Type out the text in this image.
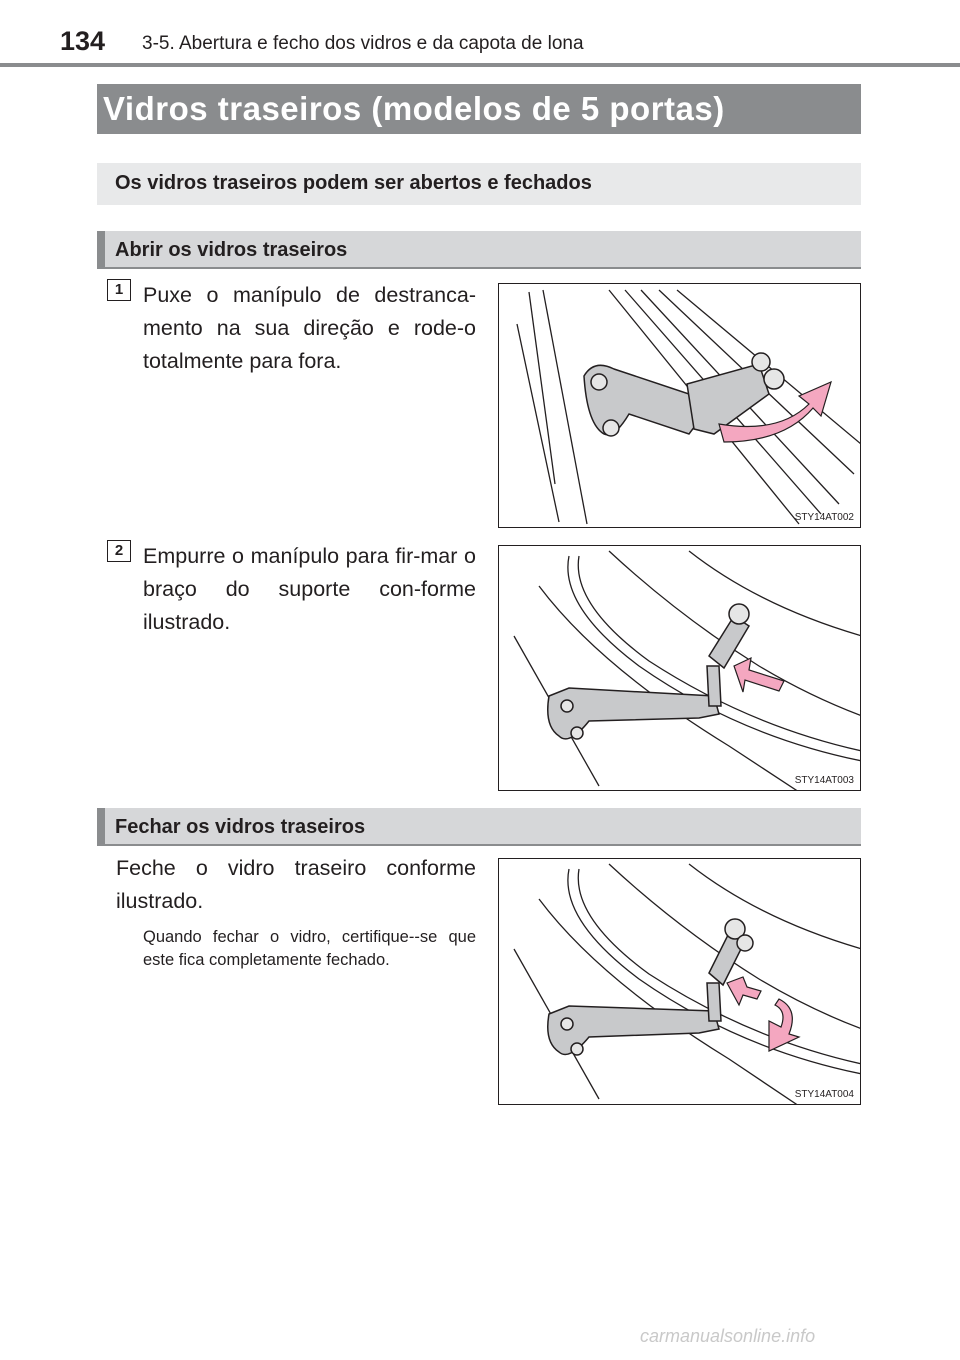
134 3-5. Abertura e fecho dos vidros e da capota de lona
Vidros traseiros (modelos de 5 portas)
Os vidros traseiros podem ser abertos e fechados
Abrir os vidros traseiros
1 Puxe o manípulo de destranca-mento na sua direção e rode-o totalmente para fora.
STY14AT002
2 Empurre o manípulo para fir-mar o braço do suporte con-forme ilustrado.
STY14AT003
Fechar os vidros traseiros
Feche o vidro traseiro conforme ilustrado.
Quando fechar o vidro, certifique--se que este fica completamente fechado.
STY14AT004
carmanualsonline.info
